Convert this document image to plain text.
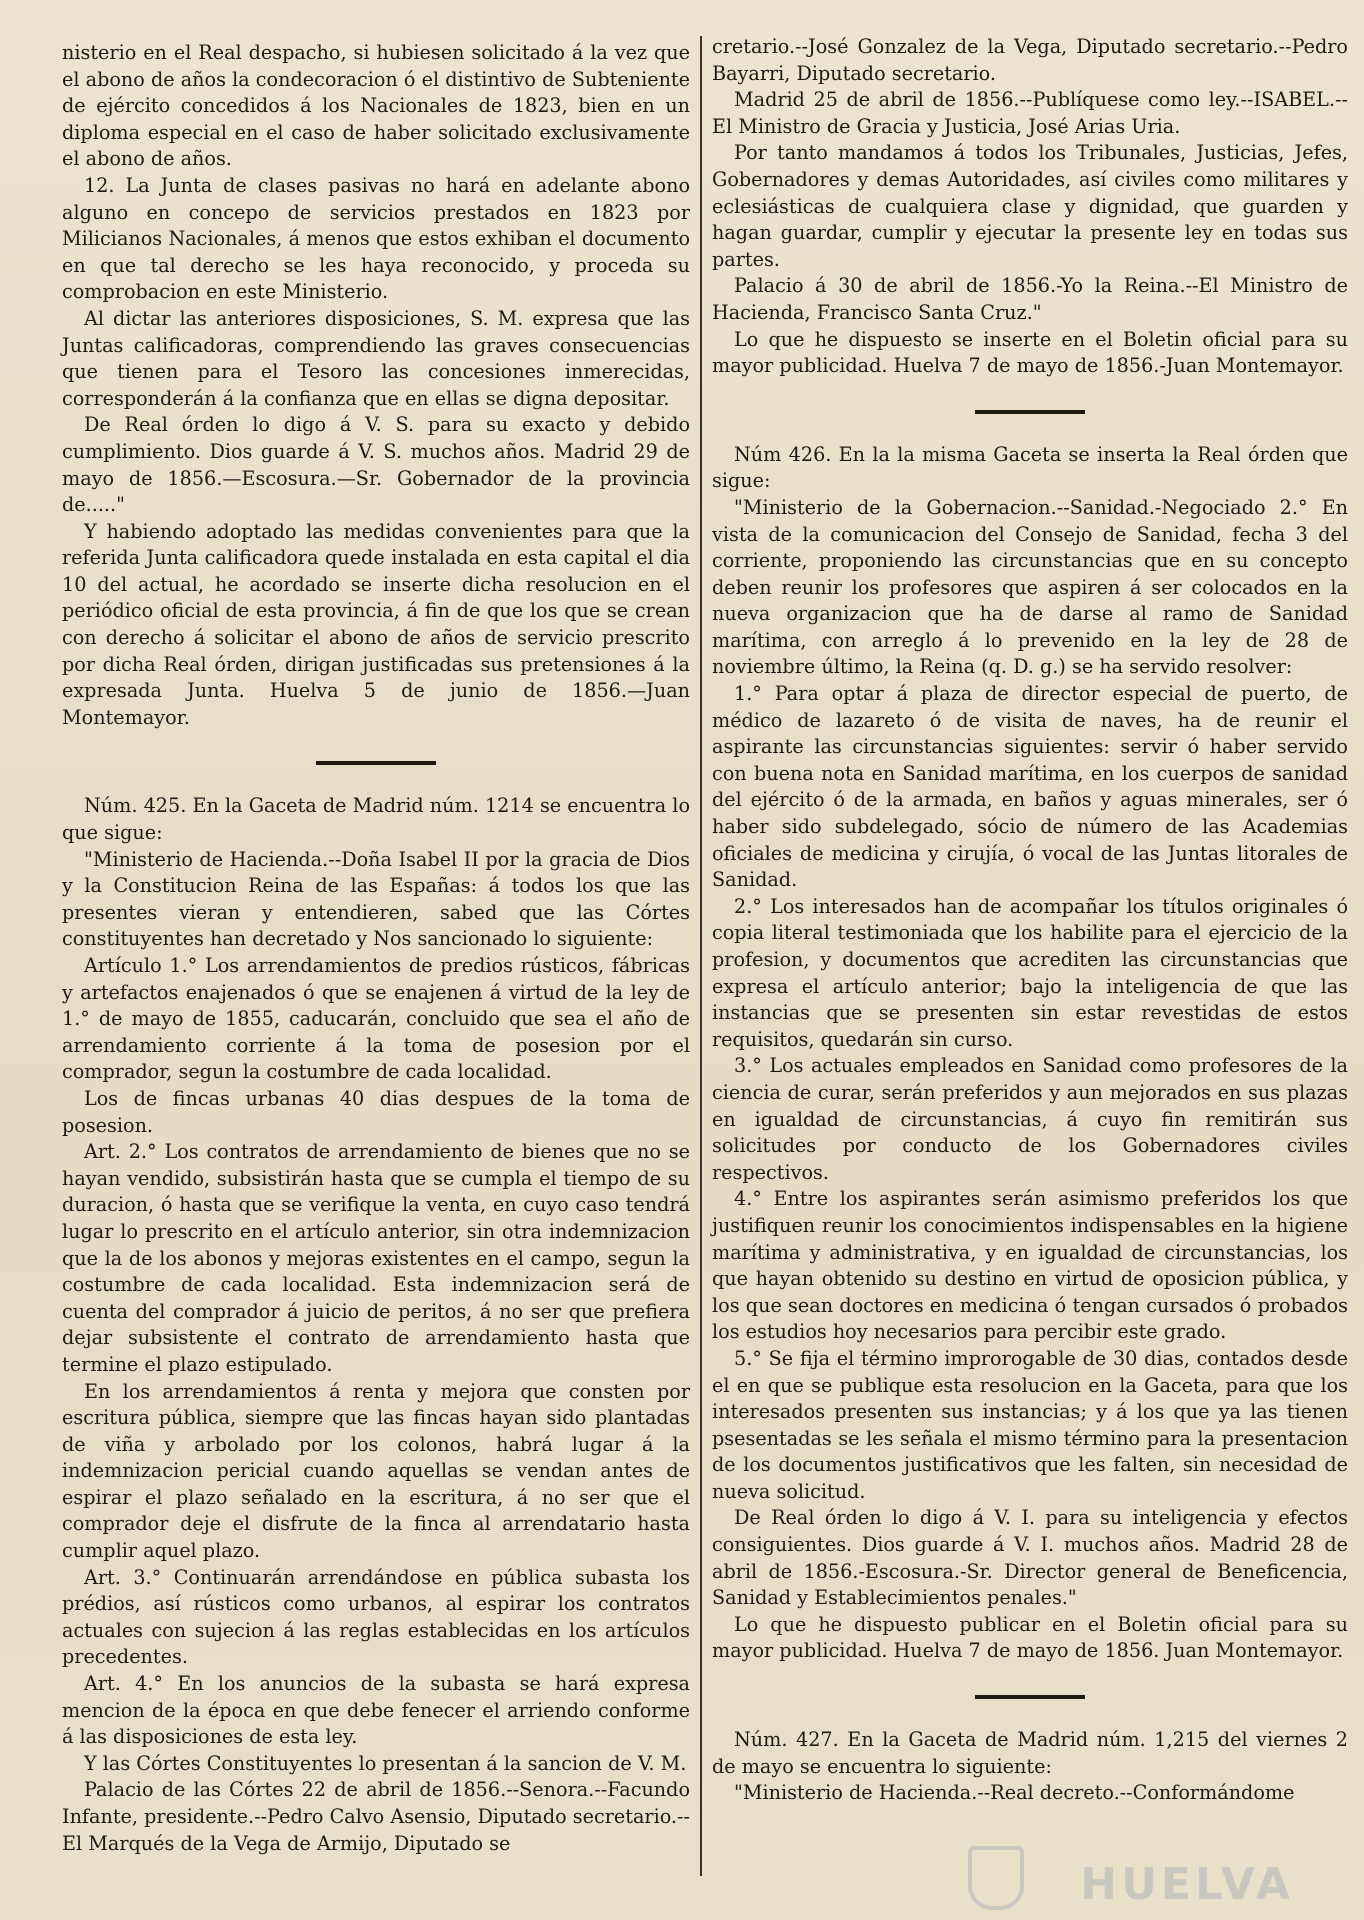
nisterio en el Real despacho, si hubiesen solicitado á la vez que el abono de años la condecoracion ó el distintivo de Subteniente de ejército concedidos á los Nacionales de 1823, bien en un diploma especial en el caso de haber solicitado exclusivamente el abono de años.

12. La Junta de clases pasivas no hará en adelante abono alguno en concepo de servicios prestados en 1823 por Milicianos Nacionales, á menos que estos exhiban el documento en que tal derecho se les haya reconocido, y proceda su comprobacion en este Ministerio.

Al dictar las anteriores disposiciones, S. M. expresa que las Juntas calificadoras, comprendiendo las graves consecuencias que tienen para el Tesoro las concesiones inmerecidas, corresponderán á la confianza que en ellas se digna depositar.

De Real órden lo digo á V. S. para su exacto y debido cumplimiento. Dios guarde á V. S. muchos años. Madrid 29 de mayo de 1856.—Escosura.—Sr. Gobernador de la provincia de....."

Y habiendo adoptado las medidas convenientes para que la referida Junta calificadora quede instalada en esta capital el dia 10 del actual, he acordado se inserte dicha resolucion en el periódico oficial de esta provincia, á fin de que los que se crean con derecho á solicitar el abono de años de servicio prescrito por dicha Real órden, dirigan justificadas sus pretensiones á la expresada Junta. Huelva 5 de junio de 1856.—Juan Montemayor.

Núm. 425. En la Gaceta de Madrid núm. 1214 se encuentra lo que sigue:

"Ministerio de Hacienda.--Doña Isabel II por la gracia de Dios y la Constitucion Reina de las Españas: á todos los que las presentes vieran y entendieren, sabed que las Córtes constituyentes han decretado y Nos sancionado lo siguiente:

Artículo 1.° Los arrendamientos de predios rústicos, fábricas y artefactos enajenados ó que se enajenen á virtud de la ley de 1.° de mayo de 1855, caducarán, concluido que sea el año de arrendamiento corriente á la toma de posesion por el comprador, segun la costumbre de cada localidad.

Los de fincas urbanas 40 dias despues de la toma de posesion.

Art. 2.° Los contratos de arrendamiento de bienes que no se hayan vendido, subsistirán hasta que se cumpla el tiempo de su duracion, ó hasta que se verifique la venta, en cuyo caso tendrá lugar lo prescrito en el artículo anterior, sin otra indemnizacion que la de los abonos y mejoras existentes en el campo, segun la costumbre de cada localidad. Esta indemnizacion será de cuenta del comprador á juicio de peritos, á no ser que prefiera dejar subsistente el contrato de arrendamiento hasta que termine el plazo estipulado.

En los arrendamientos á renta y mejora que consten por escritura pública, siempre que las fincas hayan sido plantadas de viña y arbolado por los colonos, habrá lugar á la indemnizacion pericial cuando aquellas se vendan antes de espirar el plazo señalado en la escritura, á no ser que el comprador deje el disfrute de la finca al arrendatario hasta cumplir aquel plazo.

Art. 3.° Continuarán arrendándose en pública subasta los prédios, así rústicos como urbanos, al espirar los contratos actuales con sujecion á las reglas establecidas en los artículos precedentes.

Art. 4.° En los anuncios de la subasta se hará expresa mencion de la época en que debe fenecer el arriendo conforme á las disposiciones de esta ley.

Y las Córtes Constituyentes lo presentan á la sancion de V. M.

Palacio de las Córtes 22 de abril de 1856.--Senora.--Facundo Infante, presidente.--Pedro Calvo Asensio, Diputado secretario.--El Marqués de la Vega de Armijo, Diputado se

cretario.--José Gonzalez de la Vega, Diputado secretario.--Pedro Bayarri, Diputado secretario.

Madrid 25 de abril de 1856.--Publíquese como ley.--ISABEL.--El Ministro de Gracia y Justicia, José Arias Uria.

Por tanto mandamos á todos los Tribunales, Justicias, Jefes, Gobernadores y demas Autoridades, así civiles como militares y eclesiásticas de cualquiera clase y dignidad, que guarden y hagan guardar, cumplir y ejecutar la presente ley en todas sus partes.

Palacio á 30 de abril de 1856.-Yo la Reina.--El Ministro de Hacienda, Francisco Santa Cruz."

Lo que he dispuesto se inserte en el Boletin oficial para su mayor publicidad. Huelva 7 de mayo de 1856.-Juan Montemayor.

Núm 426. En la la misma Gaceta se inserta la Real órden que sigue:

"Ministerio de la Gobernacion.--Sanidad.-Negociado 2.° En vista de la comunicacion del Consejo de Sanidad, fecha 3 del corriente, proponiendo las circunstancias que en su concepto deben reunir los profesores que aspiren á ser colocados en la nueva organizacion que ha de darse al ramo de Sanidad marítima, con arreglo á lo prevenido en la ley de 28 de noviembre último, la Reina (q. D. g.) se ha servido resolver:

1.° Para optar á plaza de director especial de puerto, de médico de lazareto ó de visita de naves, ha de reunir el aspirante las circunstancias siguientes: servir ó haber servido con buena nota en Sanidad marítima, en los cuerpos de sanidad del ejército ó de la armada, en baños y aguas minerales, ser ó haber sido subdelegado, sócio de número de las Academias oficiales de medicina y cirujía, ó vocal de las Juntas litorales de Sanidad.

2.° Los interesados han de acompañar los títulos originales ó copia literal testimoniada que los habilite para el ejercicio de la profesion, y documentos que acrediten las circunstancias que expresa el artículo anterior; bajo la inteligencia de que las instancias que se presenten sin estar revestidas de estos requisitos, quedarán sin curso.

3.° Los actuales empleados en Sanidad como profesores de la ciencia de curar, serán preferidos y aun mejorados en sus plazas en igualdad de circunstancias, á cuyo fin remitirán sus solicitudes por conducto de los Gobernadores civiles respectivos.

4.° Entre los aspirantes serán asimismo preferidos los que justifiquen reunir los conocimientos indispensables en la higiene marítima y administrativa, y en igualdad de circunstancias, los que hayan obtenido su destino en virtud de oposicion pública, y los que sean doctores en medicina ó tengan cursados ó probados los estudios hoy necesarios para percibir este grado.

5.° Se fija el término improrogable de 30 dias, contados desde el en que se publique esta resolucion en la Gaceta, para que los interesados presenten sus instancias; y á los que ya las tienen psesentadas se les señala el mismo término para la presentacion de los documentos justificativos que les falten, sin necesidad de nueva solicitud.

De Real órden lo digo á V. I. para su inteligencia y efectos consiguientes. Dios guarde á V. I. muchos años. Madrid 28 de abril de 1856.-Escosura.-Sr. Director general de Beneficencia, Sanidad y Establecimientos penales."

Lo que he dispuesto publicar en el Boletin oficial para su mayor publicidad. Huelva 7 de mayo de 1856. Juan Montemayor.

Núm. 427. En la Gaceta de Madrid núm. 1,215 del viernes 2 de mayo se encuentra lo siguiente:

"Ministerio de Hacienda.--Real decreto.--Conformándome

HUELVA
